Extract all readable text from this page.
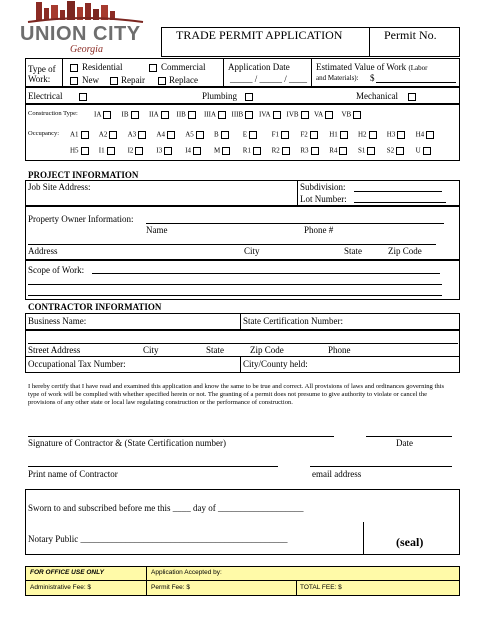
UNION CITY
Georgia
TRADE PERMIT APPLICATION	Permit No.
Type of
Work:
Residential	Commercial
New Repair	Replace
Application Date
_____ / _____ / ____
Estimated Value of Work (Labor
and Materials): $
Electrical	Plumbing	Mechanical
Construction Type: IA	IB	IIA	IIB	IIIA	IIIB	IVA	IVB	VA	VB
Occupancy: A1	A2	A3	A4	A5	B	E	F1	F2	H1	H2	H3	H4
H5	I1	I2	I3	I4	M	R1	R2	R3	R4	S1	S2	U
PROJECT INFORMATION
Job Site Address:	Subdivision:
Lot Number:
Property Owner Information:
Name	Phone #
Address	City	State	Zip Code
Scope of Work:
CONTRACTOR INFORMATION
Business Name:	State Certification Number:
Street Address	City	State	Zip Code	Phone
Occupational Tax Number:	City/County held:
I hereby certify that I have read and examined this application and know the same to be true and correct. All provisions of laws and ordinances governing this type of work will be complied with whether specified herein or not. The granting of a permit does not presume to give authority to violate or cancel the provisions of any other state or local law regulating construction or the performance of construction.
Signature of Contractor & (State Certification number)	Date
Print name of Contractor	email address
Sworn to and subscribed before me this ____ day of ___________________
Notary Public ______________________________________________	(seal)
FOR OFFICE USE ONLY	Application Accepted by:
Administrative Fee: $	Permit Fee: $	TOTAL FEE: $
